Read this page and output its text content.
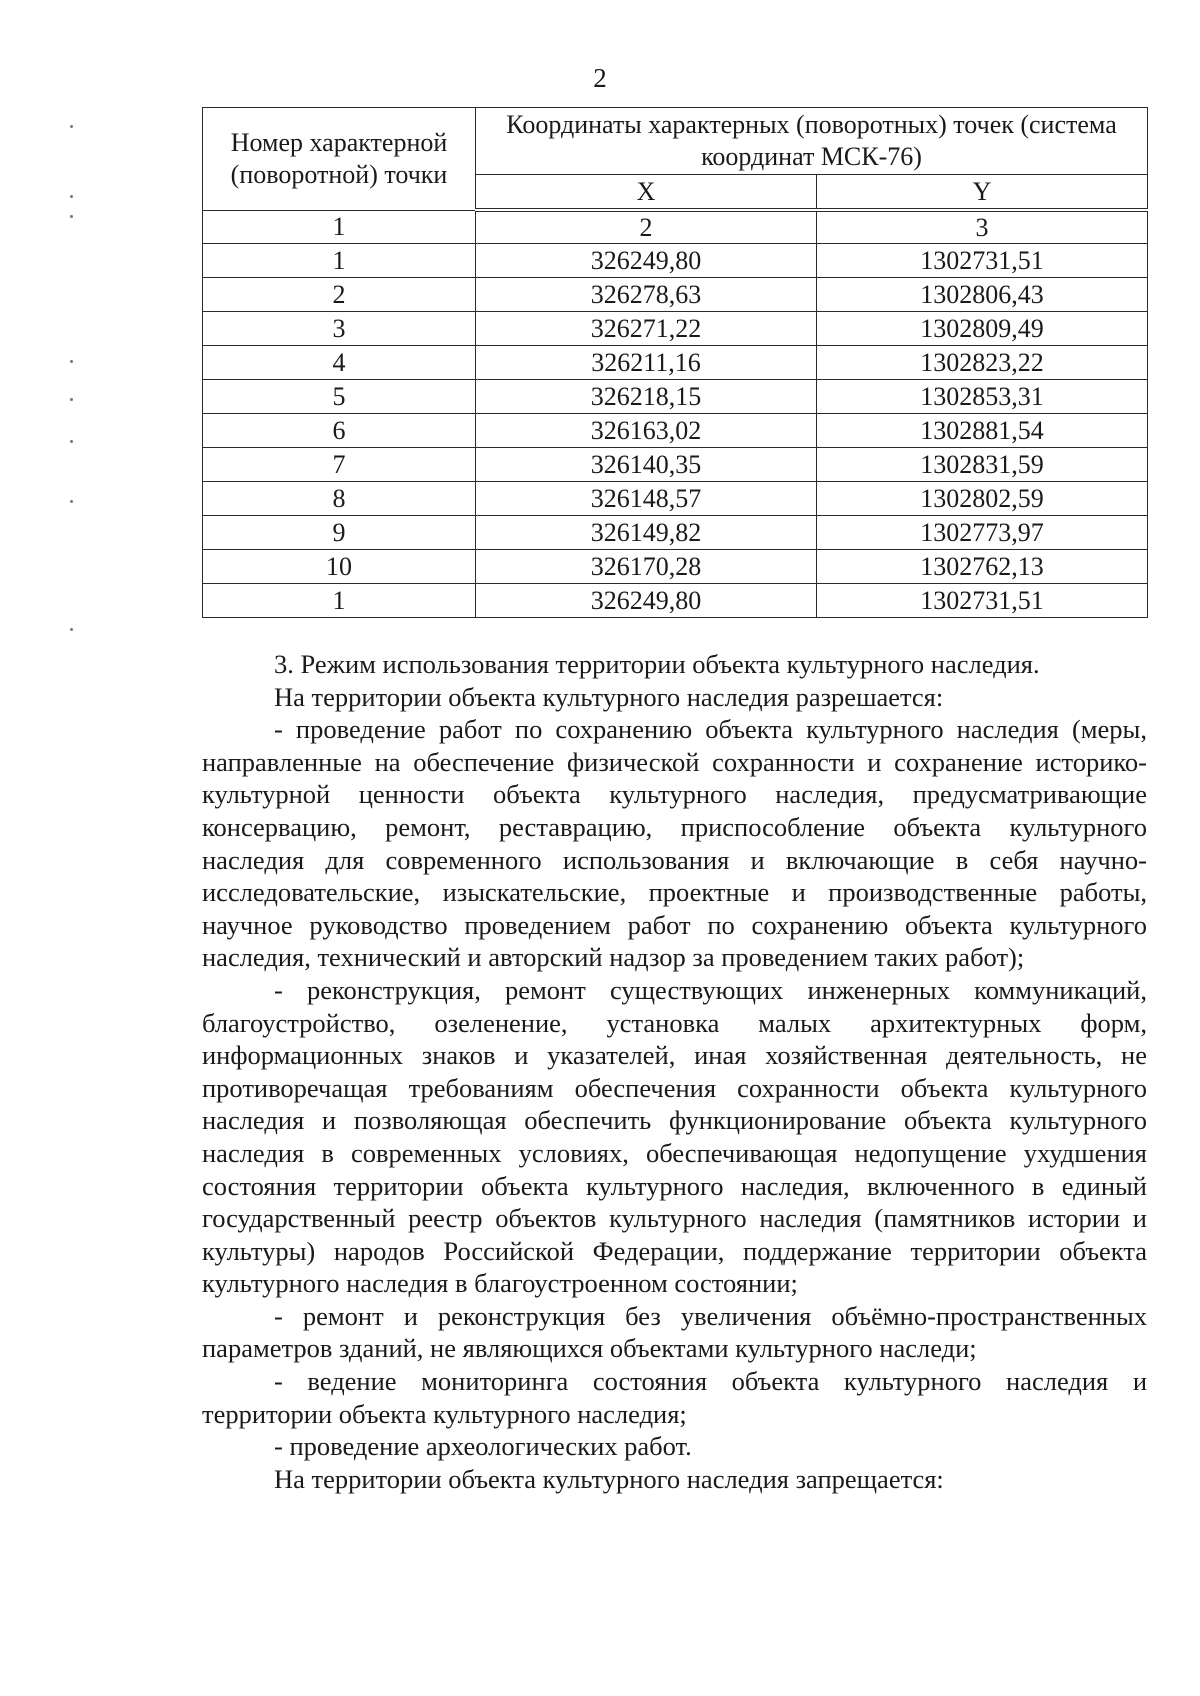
2
Номер характерной (поворотной) точки	Координаты характерных (поворотных) точек (система координат МСК-76)	
	X	Y
1	2	3
1	326249,80	1302731,51
2	326278,63	1302806,43
3	326271,22	1302809,49
4	326211,16	1302823,22
5	326218,15	1302853,31
6	326163,02	1302881,54
7	326140,35	1302831,59
8	326148,57	1302802,59
9	326149,82	1302773,97
10	326170,28	1302762,13
1	326249,80	1302731,51

3. Режим использования территории объекта культурного наследия.

На территории объекта культурного наследия разрешается:

- проведение работ по сохранению объекта культурного наследия (меры, направленные на обеспечение физической сохранности и сохранение историко-культурной ценности объекта культурного наследия, предусматривающие консервацию, ремонт, реставрацию, приспособление объекта культурного наследия для современного использования и включающие в себя научно-исследовательские, изыскательские, проектные и производственные работы, научное руководство проведением работ по сохранению объекта культурного наследия, технический и авторский надзор за проведением таких работ);

- реконструкция, ремонт существующих инженерных коммуникаций, благоустройство, озеленение, установка малых архитектурных форм, информационных знаков и указателей, иная хозяйственная деятельность, не противоречащая требованиям обеспечения сохранности объекта культурного наследия и позволяющая обеспечить функционирование объекта культурного наследия в современных условиях, обеспечивающая недопущение ухудшения состояния территории объекта культурного наследия, включенного в единый государственный реестр объектов культурного наследия (памятников истории и культуры) народов Российской Федерации, поддержание территории объекта культурного наследия в благоустроенном состоянии;

- ремонт и реконструкция без увеличения объёмно-пространственных параметров зданий, не являющихся объектами культурного наследи;

- ведение мониторинга состояния объекта культурного наследия и территории объекта культурного наследия;

- проведение археологических работ.

На территории объекта культурного наследия запрещается:
